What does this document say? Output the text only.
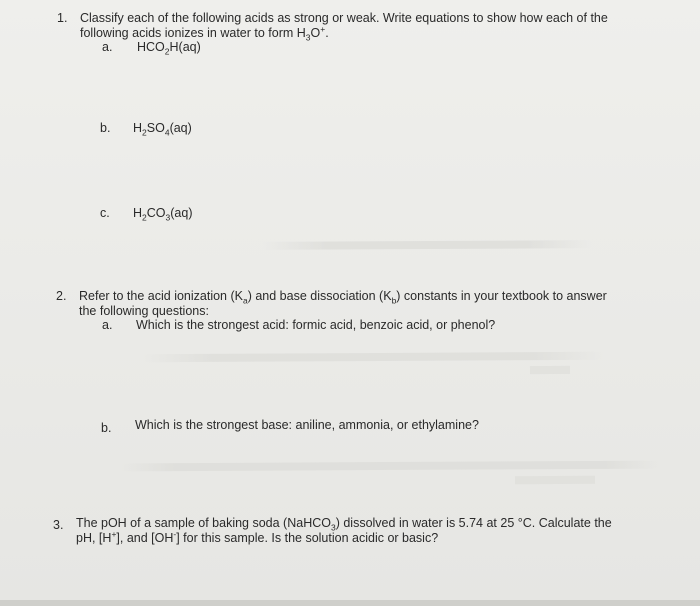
1. Classify each of the following acids as strong or weak. Write equations to show how each of the
following acids ionizes in water to form $H_3O^+$.
a. $HCO_2H(aq)$
b. $H_2SO_4(aq)$
c. $H_2CO_3(aq)$
2. Refer to the acid ionization $(K_a)$ and base dissociation $(K_b)$ constants in your textbook to answer
the following questions:
a. Which is the strongest acid: formic acid, benzoic acid, or phenol?
b. Which is the strongest base: aniline, ammonia, or ethylamine?
3. The pOH of a sample of baking soda (NaHCO$_3$) dissolved in water is 5.74 at 25 °C. Calculate the
pH, [H+], and [OH-] for this sample. Is the solution acidic or basic?
